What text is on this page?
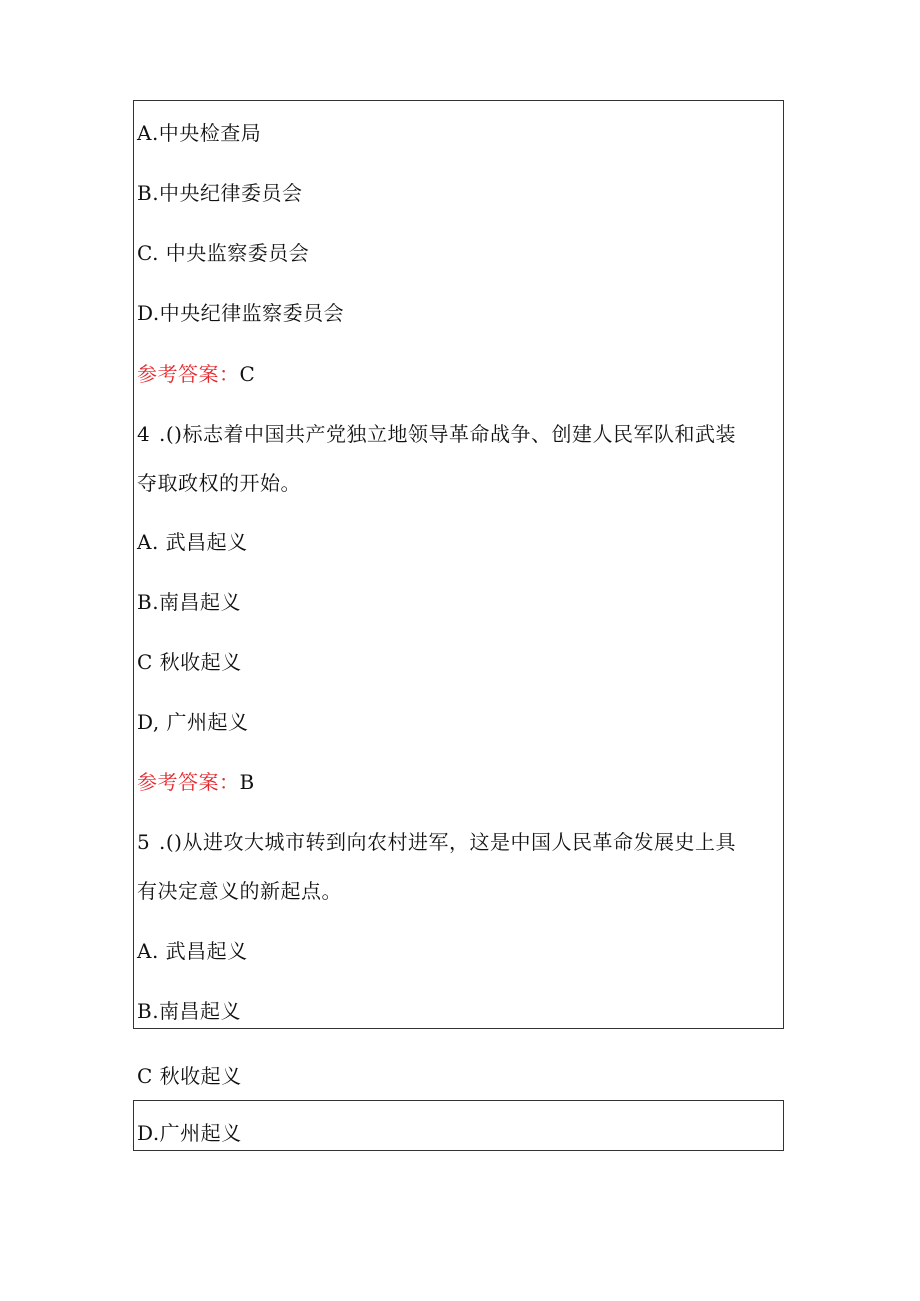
A.中央检查局
B.中央纪律委员会
C. 中央监察委员会
D.中央纪律监察委员会
参考答案：C
4 .()标志着中国共产党独立地领导革命战争、创建人民军队和武装
夺取政权的开始。
A. 武昌起义
B.南昌起义
C 秋收起义
D, 广州起义
参考答案：B
5 .()从进攻大城市转到向农村进军，这是中国人民革命发展史上具
有决定意义的新起点。
A. 武昌起义
B.南昌起义
C 秋收起义
D.广州起义
